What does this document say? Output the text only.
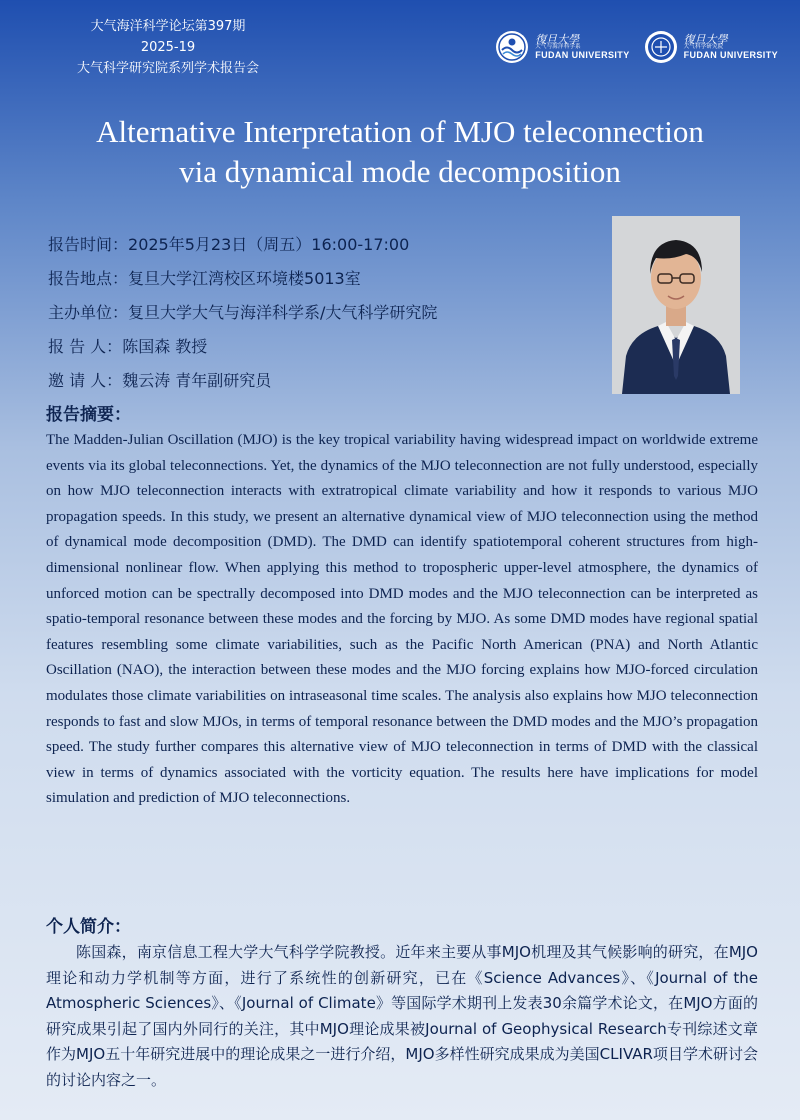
大气海洋科学论坛第397期
2025-19
大气科学研究院系列学术报告会
復旦大學
大气与海洋科学系
FUDAN UNIVERSITY
復旦大學
大气科学研究院
FUDAN UNIVERSITY
Alternative Interpretation of MJO teleconnection
via dynamical mode decomposition
报告时间： 2025年5月23日（周五）16:00-17:00
报告地点： 复旦大学江湾校区环境楼5013室
主办单位： 复旦大学大气与海洋科学系/大气科学研究院
报 告 人： 陈国森 教授
邀 请 人： 魏云涛 青年副研究员
报告摘要：
The Madden-Julian Oscillation (MJO) is the key tropical variability having widespread impact on worldwide extreme events via its global teleconnections. Yet, the dynamics of the MJO teleconnection are not fully understood, especially on how MJO teleconnection interacts with extratropical climate variability and how it responds to various MJO propagation speeds. In this study, we present an alternative dynamical view of MJO teleconnection using the method of dynamical mode decomposition (DMD). The DMD can identify spatiotemporal coherent structures from high-dimensional nonlinear flow. When applying this method to tropospheric upper-level atmosphere, the dynamics of unforced motion can be spectrally decomposed into DMD modes and the MJO teleconnection can be interpreted as spatio-temporal resonance between these modes and the forcing by MJO. As some DMD modes have regional spatial features resembling some climate variabilities, such as the Pacific North American (PNA) and North Atlantic Oscillation (NAO), the interaction between these modes and the MJO forcing explains how MJO-forced circulation modulates those climate variabilities on intraseasonal time scales. The analysis also explains how MJO teleconnection responds to fast and slow MJOs, in terms of temporal resonance between the DMD modes and the MJO’s propagation speed. The study further compares this alternative view of MJO teleconnection in terms of DMD with the classical view in terms of dynamics associated with the vorticity equation. The results here have implications for model simulation and prediction of MJO teleconnections.
个人简介：
陈国森，南京信息工程大学大气科学学院教授。近年来主要从事MJO机理及其气候影响的研究，在MJO理论和动力学机制等方面，进行了系统性的创新研究，已在《Science Advances》、《Journal of the Atmospheric Sciences》、《Journal of Climate》等国际学术期刊上发表30余篇学术论文，在MJO方面的研究成果引起了国内外同行的关注，其中MJO理论成果被Journal of Geophysical Research专刊综述文章作为MJO五十年研究进展中的理论成果之一进行介绍，MJO多样性研究成果成为美国CLIVAR项目学术研讨会的讨论内容之一。
